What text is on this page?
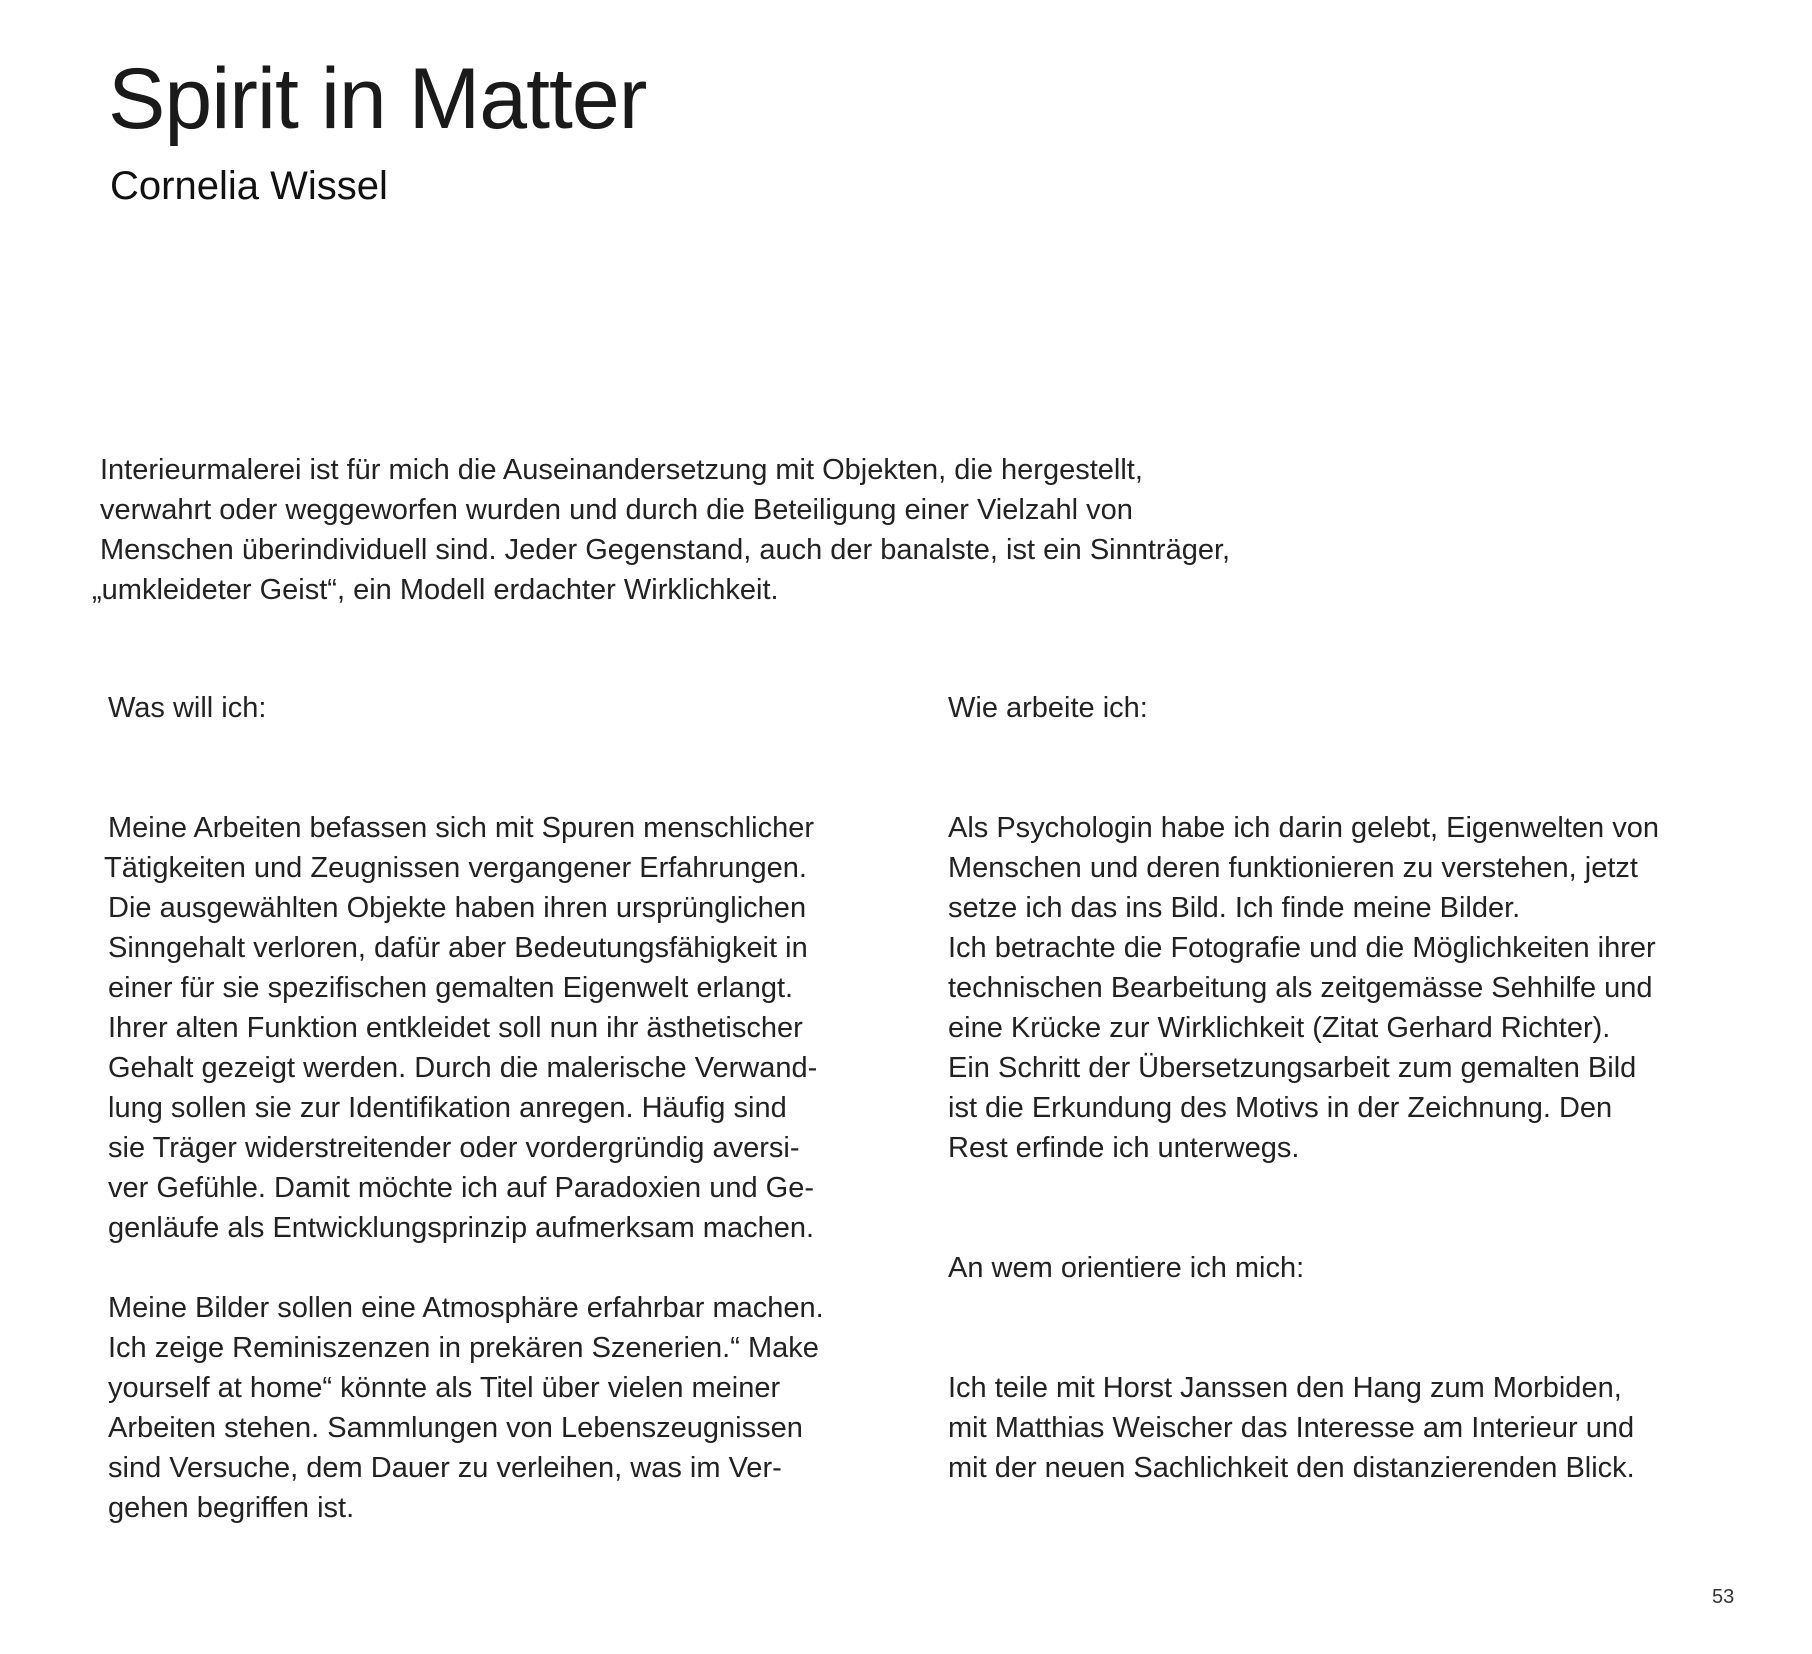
Spirit in Matter
Cornelia Wissel
Interieurmalerei ist für mich die Auseinandersetzung mit Objekten, die hergestellt,
verwahrt oder weggeworfen wurden und durch die Beteiligung einer Vielzahl von
Menschen überindividuell sind. Jeder Gegenstand, auch der banalste, ist ein Sinnträger,
„umkleideter Geist“, ein Modell erdachter Wirklichkeit.
Was will ich:
Meine Arbeiten befassen sich mit Spuren menschlicher
Tätigkeiten und Zeugnissen vergangener Erfahrungen.
Die ausgewählten Objekte haben ihren ursprünglichen
Sinngehalt verloren, dafür aber Bedeutungsfähigkeit in
einer für sie spezifischen gemalten Eigenwelt erlangt.
Ihrer alten Funktion entkleidet soll nun ihr ästhetischer
Gehalt gezeigt werden. Durch die malerische Verwand-
lung sollen sie zur Identifikation anregen. Häufig sind
sie Träger widerstreitender oder vordergründig aversi-
ver Gefühle. Damit möchte ich auf Paradoxien und Ge-
genläufe als Entwicklungsprinzip aufmerksam machen.
Meine Bilder sollen eine Atmosphäre erfahrbar machen.
Ich zeige Reminiszenzen in prekären Szenerien.“ Make
yourself at home“ könnte als Titel über vielen meiner
Arbeiten stehen. Sammlungen von Lebenszeugnissen
sind Versuche, dem Dauer zu verleihen, was im Ver-
gehen begriffen ist.
Wie arbeite ich:
Als Psychologin habe ich darin gelebt, Eigenwelten von
Menschen und deren funktionieren zu verstehen, jetzt
setze ich das ins Bild. Ich finde meine Bilder.
Ich betrachte die Fotografie und die Möglichkeiten ihrer
technischen Bearbeitung als zeitgemässe Sehhilfe und
eine Krücke zur Wirklichkeit (Zitat Gerhard Richter).
Ein Schritt der Übersetzungsarbeit zum gemalten Bild
ist die Erkundung des Motivs in der Zeichnung. Den
Rest erfinde ich unterwegs.
An wem orientiere ich mich:
Ich teile mit Horst Janssen den Hang zum Morbiden,
mit Matthias Weischer das Interesse am Interieur und
mit der neuen Sachlichkeit den distanzierenden Blick.
53
